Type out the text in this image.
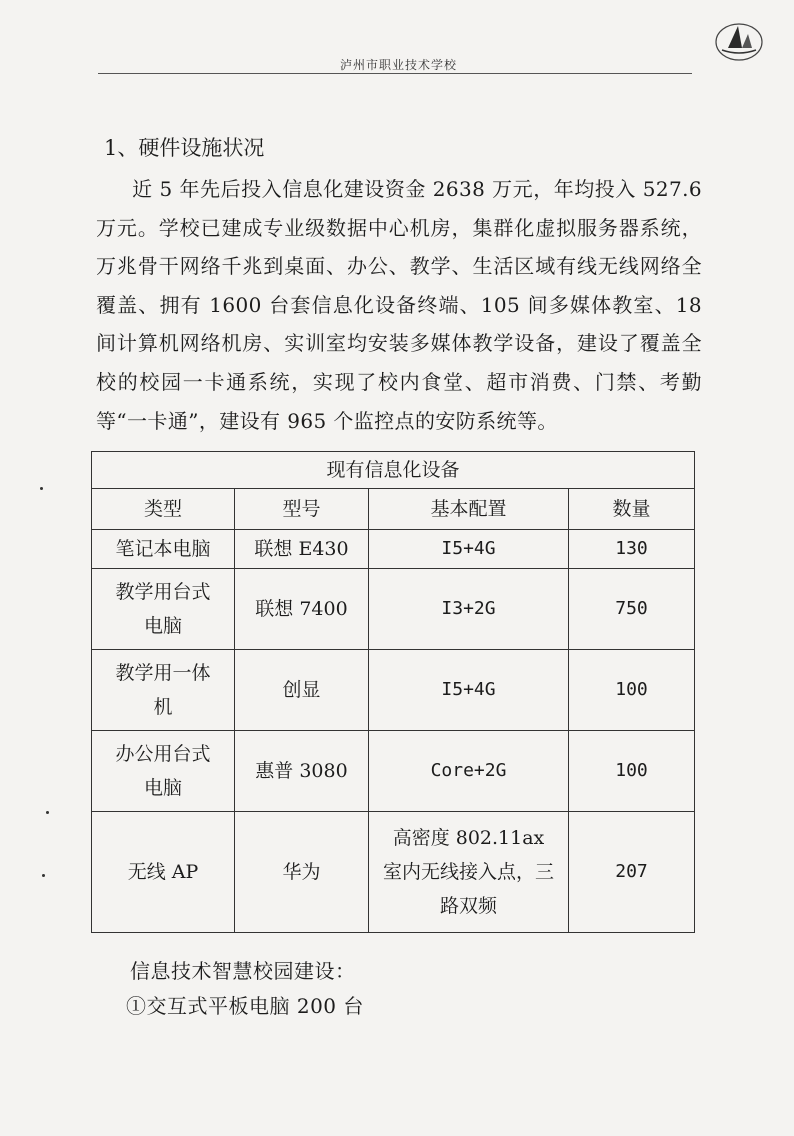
泸州市职业技术学校
1、硬件设施状况
近 5 年先后投入信息化建设资金 2638 万元，年均投入 527.6 万元。学校已建成专业级数据中心机房，集群化虚拟服务器系统，万兆骨干网络千兆到桌面、办公、教学、生活区域有线无线网络全覆盖、拥有 1600 台套信息化设备终端、105 间多媒体教室、18 间计算机网络机房、实训室均安装多媒体教学设备，建设了覆盖全校的校园一卡通系统，实现了校内食堂、超市消费、门禁、考勤等“一卡通”，建设有 965 个监控点的安防系统等。
现有信息化设备			
类型	型号	基本配置	数量
笔记本电脑	联想 E430	I5+4G	130
教学用台式电脑	联想 7400	I3+2G	750
教学用一体机	创显	I5+4G	100
办公用台式电脑	惠普 3080	Core+2G	100
无线 AP	华为	高密度 802.11ax 室内无线接入点，三路双频	207
信息技术智慧校园建设：
①交互式平板电脑 200 台
